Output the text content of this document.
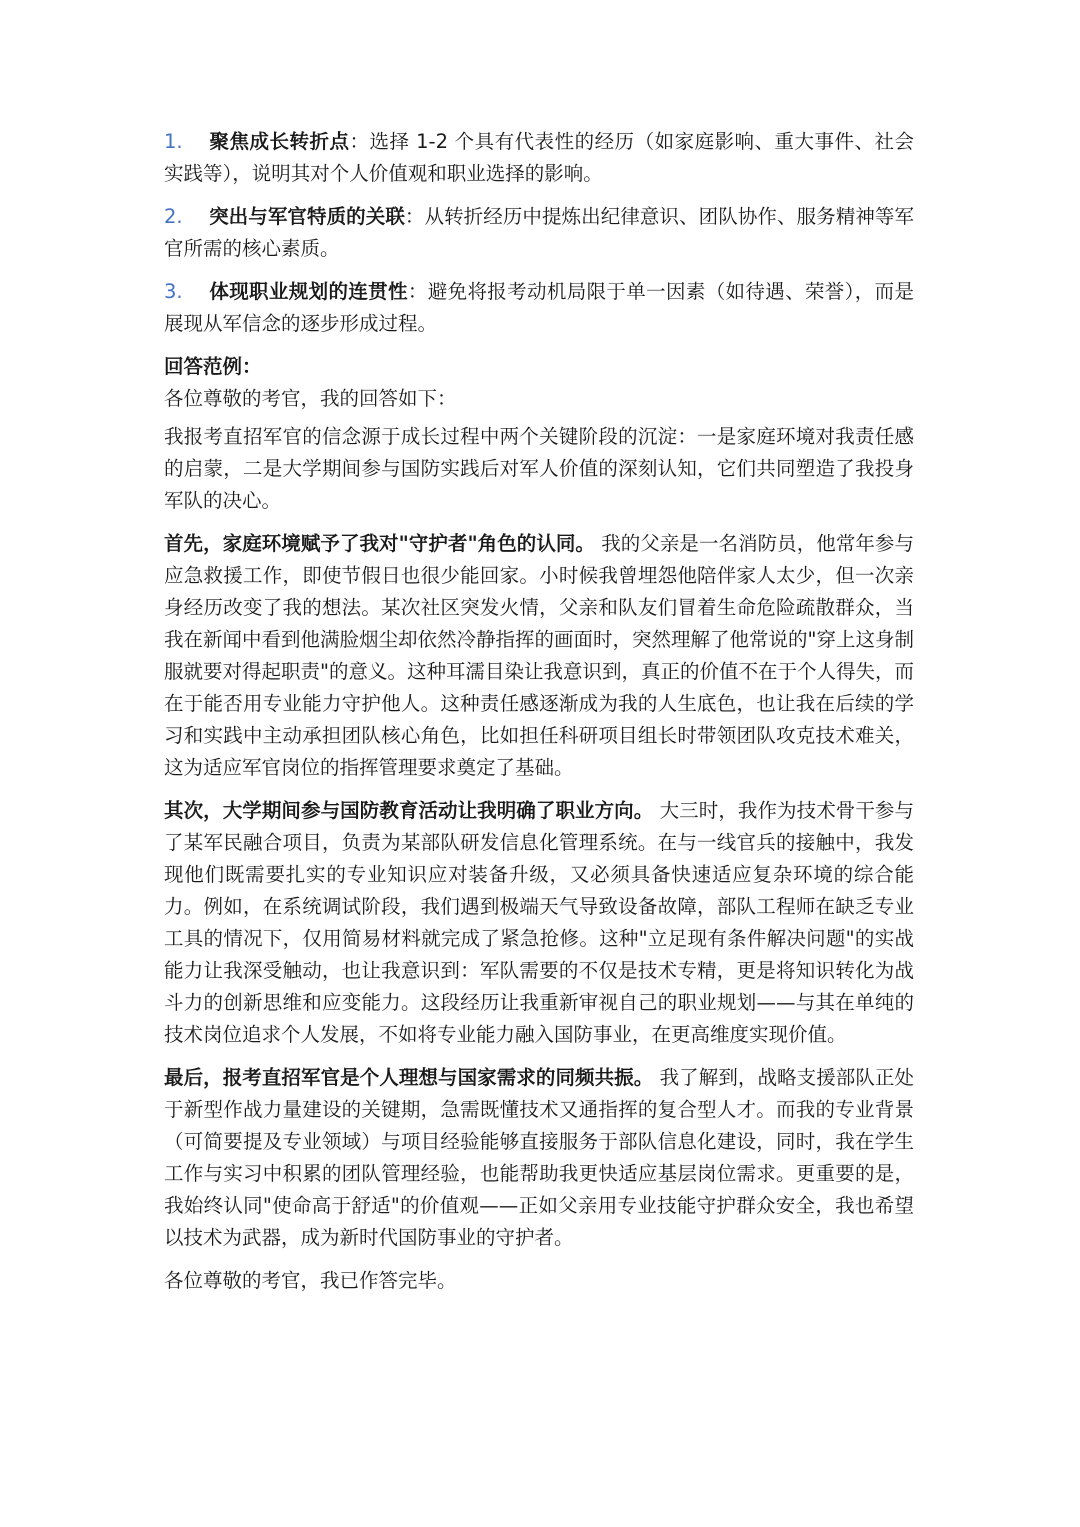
1. 聚焦成长转折点：选择 1-2 个具有代表性的经历（如家庭影响、重大事件、社会实践等），说明其对个人价值观和职业选择的影响。
2. 突出与军官特质的关联：从转折经历中提炼出纪律意识、团队协作、服务精神等军官所需的核心素质。
3. 体现职业规划的连贯性：避免将报考动机局限于单一因素（如待遇、荣誉），而是展现从军信念的逐步形成过程。

回答范例：

各位尊敬的考官，我的回答如下：

我报考直招军官的信念源于成长过程中两个关键阶段的沉淀：一是家庭环境对我责任感的启蒙，二是大学期间参与国防实践后对军人价值的深刻认知，它们共同塑造了我投身军队的决心。

首先，家庭环境赋予了我对"守护者"角色的认同。 我的父亲是一名消防员，他常年参与应急救援工作，即使节假日也很少能回家。小时候我曾埋怨他陪伴家人太少，但一次亲身经历改变了我的想法。某次社区突发火情，父亲和队友们冒着生命危险疏散群众，当我在新闻中看到他满脸烟尘却依然冷静指挥的画面时，突然理解了他常说的"穿上这身制服就要对得起职责"的意义。这种耳濡目染让我意识到，真正的价值不在于个人得失，而在于能否用专业能力守护他人。这种责任感逐渐成为我的人生底色，也让我在后续的学习和实践中主动承担团队核心角色，比如担任科研项目组长时带领团队攻克技术难关，这为适应军官岗位的指挥管理要求奠定了基础。

其次，大学期间参与国防教育活动让我明确了职业方向。 大三时，我作为技术骨干参与了某军民融合项目，负责为某部队研发信息化管理系统。在与一线官兵的接触中，我发现他们既需要扎实的专业知识应对装备升级，又必须具备快速适应复杂环境的综合能力。例如，在系统调试阶段，我们遇到极端天气导致设备故障，部队工程师在缺乏专业工具的情况下，仅用简易材料就完成了紧急抢修。这种"立足现有条件解决问题"的实战能力让我深受触动，也让我意识到：军队需要的不仅是技术专精，更是将知识转化为战斗力的创新思维和应变能力。这段经历让我重新审视自己的职业规划——与其在单纯的技术岗位追求个人发展，不如将专业能力融入国防事业，在更高维度实现价值。

最后，报考直招军官是个人理想与国家需求的同频共振。 我了解到，战略支援部队正处于新型作战力量建设的关键期，急需既懂技术又通指挥的复合型人才。而我的专业背景（可简要提及专业领域）与项目经验能够直接服务于部队信息化建设，同时，我在学生工作与实习中积累的团队管理经验，也能帮助我更快适应基层岗位需求。更重要的是，我始终认同"使命高于舒适"的价值观——正如父亲用专业技能守护群众安全，我也希望以技术为武器，成为新时代国防事业的守护者。

各位尊敬的考官，我已作答完毕。
